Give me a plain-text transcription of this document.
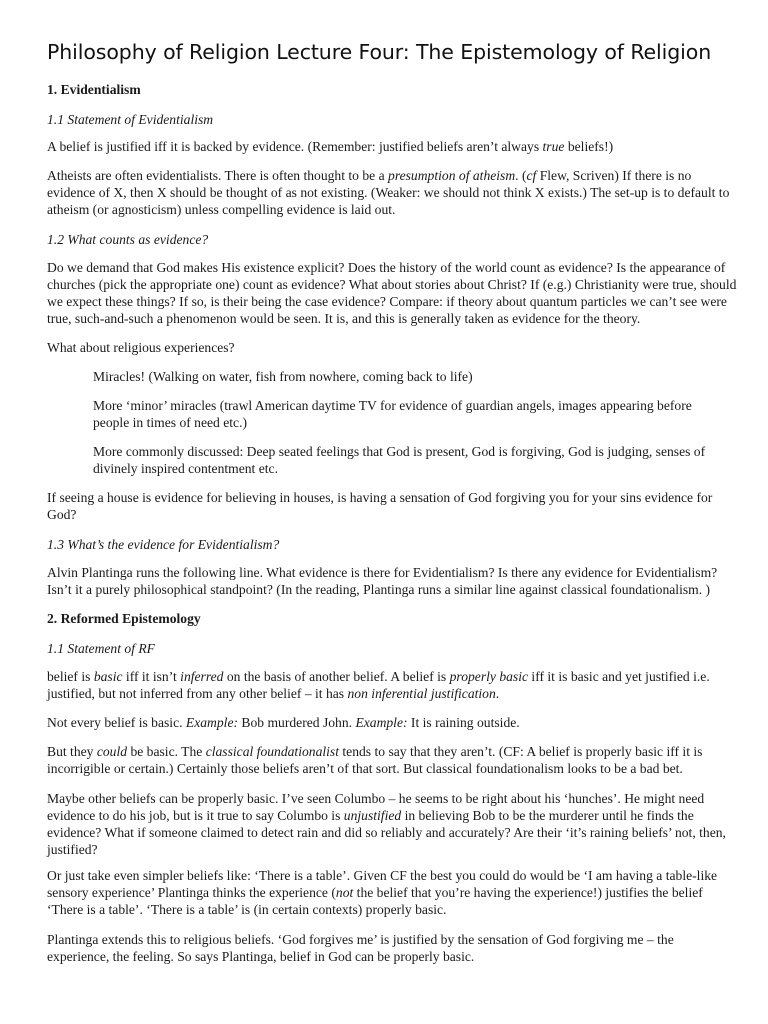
Philosophy of Religion Lecture Four: The Epistemology of Religion
1. Evidentialism
1.1 Statement of Evidentialism
A belief is justified iff it is backed by evidence. (Remember: justified beliefs aren’t always true beliefs!)
Atheists are often evidentialists. There is often thought to be a presumption of atheism. (cf Flew, Scriven) If there is no evidence of X, then X should be thought of as not existing. (Weaker: we should not think X exists.) The set-up is to default to atheism (or agnosticism) unless compelling evidence is laid out.
1.2 What counts as evidence?
Do we demand that God makes His existence explicit? Does the history of the world count as evidence? Is the appearance of churches (pick the appropriate one) count as evidence? What about stories about Christ? If (e.g.) Christianity were true, should we expect these things? If so, is their being the case evidence? Compare: if theory about quantum particles we can’t see were true, such-and-such a phenomenon would be seen. It is, and this is generally taken as evidence for the theory.
What about religious experiences?
Miracles! (Walking on water, fish from nowhere, coming back to life)
More ‘minor’ miracles (trawl American daytime TV for evidence of guardian angels, images appearing before people in times of need etc.)
More commonly discussed: Deep seated feelings that God is present, God is forgiving, God is judging, senses of divinely inspired contentment etc.
If seeing a house is evidence for believing in houses, is having a sensation of God forgiving you for your sins evidence for God?
1.3 What’s the evidence for Evidentialism?
Alvin Plantinga runs the following line. What evidence is there for Evidentialism? Is there any evidence for Evidentialism? Isn’t it a purely philosophical standpoint? (In the reading, Plantinga runs a similar line against classical foundationalism. )
2. Reformed Epistemology
1.1 Statement of RF
belief is basic iff it isn’t inferred on the basis of another belief. A belief is properly basic iff it is basic and yet justified i.e. justified, but not inferred from any other belief – it has non inferential justification.
Not every belief is basic. Example: Bob murdered John. Example: It is raining outside.
But they could be basic. The classical foundationalist tends to say that they aren’t. (CF: A belief is properly basic iff it is incorrigible or certain.) Certainly those beliefs aren’t of that sort. But classical foundationalism looks to be a bad bet.
Maybe other beliefs can be properly basic. I’ve seen Columbo – he seems to be right about his ‘hunches’. He might need evidence to do his job, but is it true to say Columbo is unjustified in believing Bob to be the murderer until he finds the evidence? What if someone claimed to detect rain and did so reliably and accurately? Are their ‘it’s raining beliefs’ not, then, justified?
Or just take even simpler beliefs like: ‘There is a table’. Given CF the best you could do would be ‘I am having a table-like sensory experience’ Plantinga thinks the experience (not the belief that you’re having the experience!) justifies the belief ‘There is a table’. ‘There is a table’ is (in certain contexts) properly basic.
Plantinga extends this to religious beliefs. ‘God forgives me’ is justified by the sensation of God forgiving me – the experience, the feeling. So says Plantinga, belief in God can be properly basic.
